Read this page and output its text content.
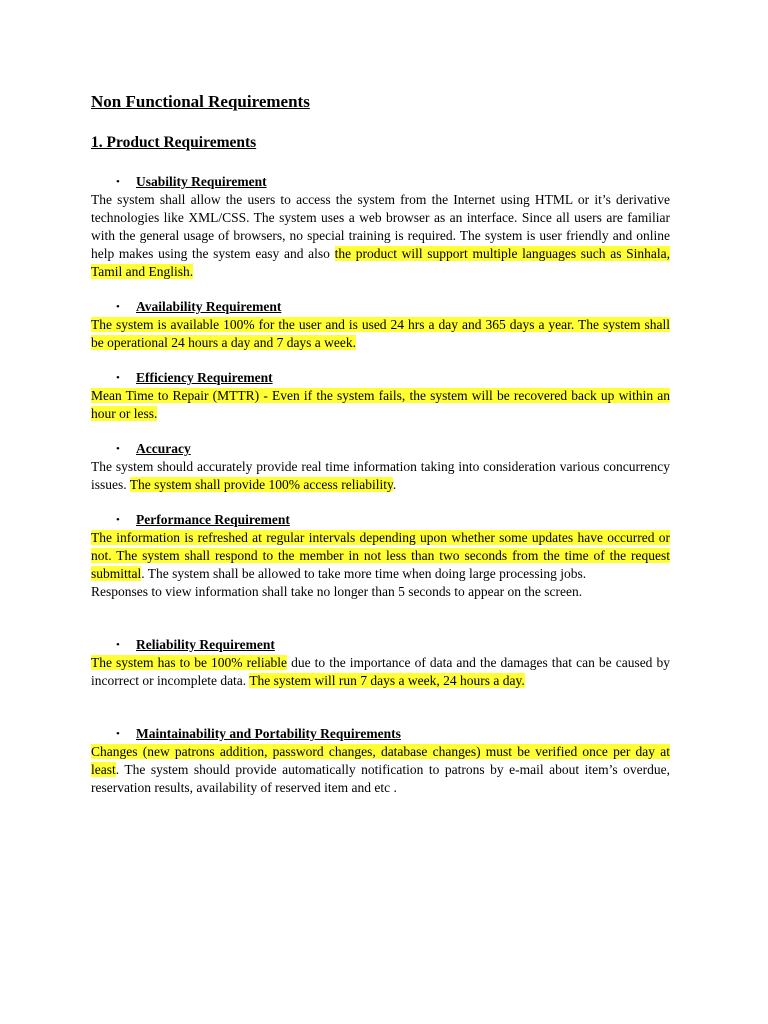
Non Functional Requirements
1. Product Requirements
•	Usability Requirement

The system shall allow the users to access the system from the Internet using HTML or it’s derivative technologies like XML/CSS. The system uses a web browser as an interface. Since all users are familiar with the general usage of browsers, no special training is required. The system is user friendly and online help makes using the system easy and also the product will support multiple languages such as Sinhala, Tamil and English.

•	Availability Requirement

The system is available 100% for the user and is used 24 hrs a day and 365 days a year. The system shall be operational 24 hours a day and 7 days a week.

•	Efficiency Requirement

Mean Time to Repair (MTTR) - Even if the system fails, the system will be recovered back up within an hour or less.

•	Accuracy

The system should accurately provide real time information taking into consideration various concurrency issues. The system shall provide 100% access reliability.

•	Performance Requirement

The information is refreshed at regular intervals depending upon whether some updates have occurred or not. The system shall respond to the member in not less than two seconds from the time of the request submittal. The system shall be allowed to take more time when doing large processing jobs.

Responses to view information shall take no longer than 5 seconds to appear on the screen.

•	Reliability Requirement

The system has to be 100% reliable due to the importance of data and the damages that can be caused by incorrect or incomplete data. The system will run 7 days a week, 24 hours a day.

•	Maintainability and Portability Requirements

Changes (new patrons addition, password changes, database changes) must be verified once per day at least. The system should provide automatically notification to patrons by e-mail about item’s overdue, reservation results, availability of reserved item and etc .
